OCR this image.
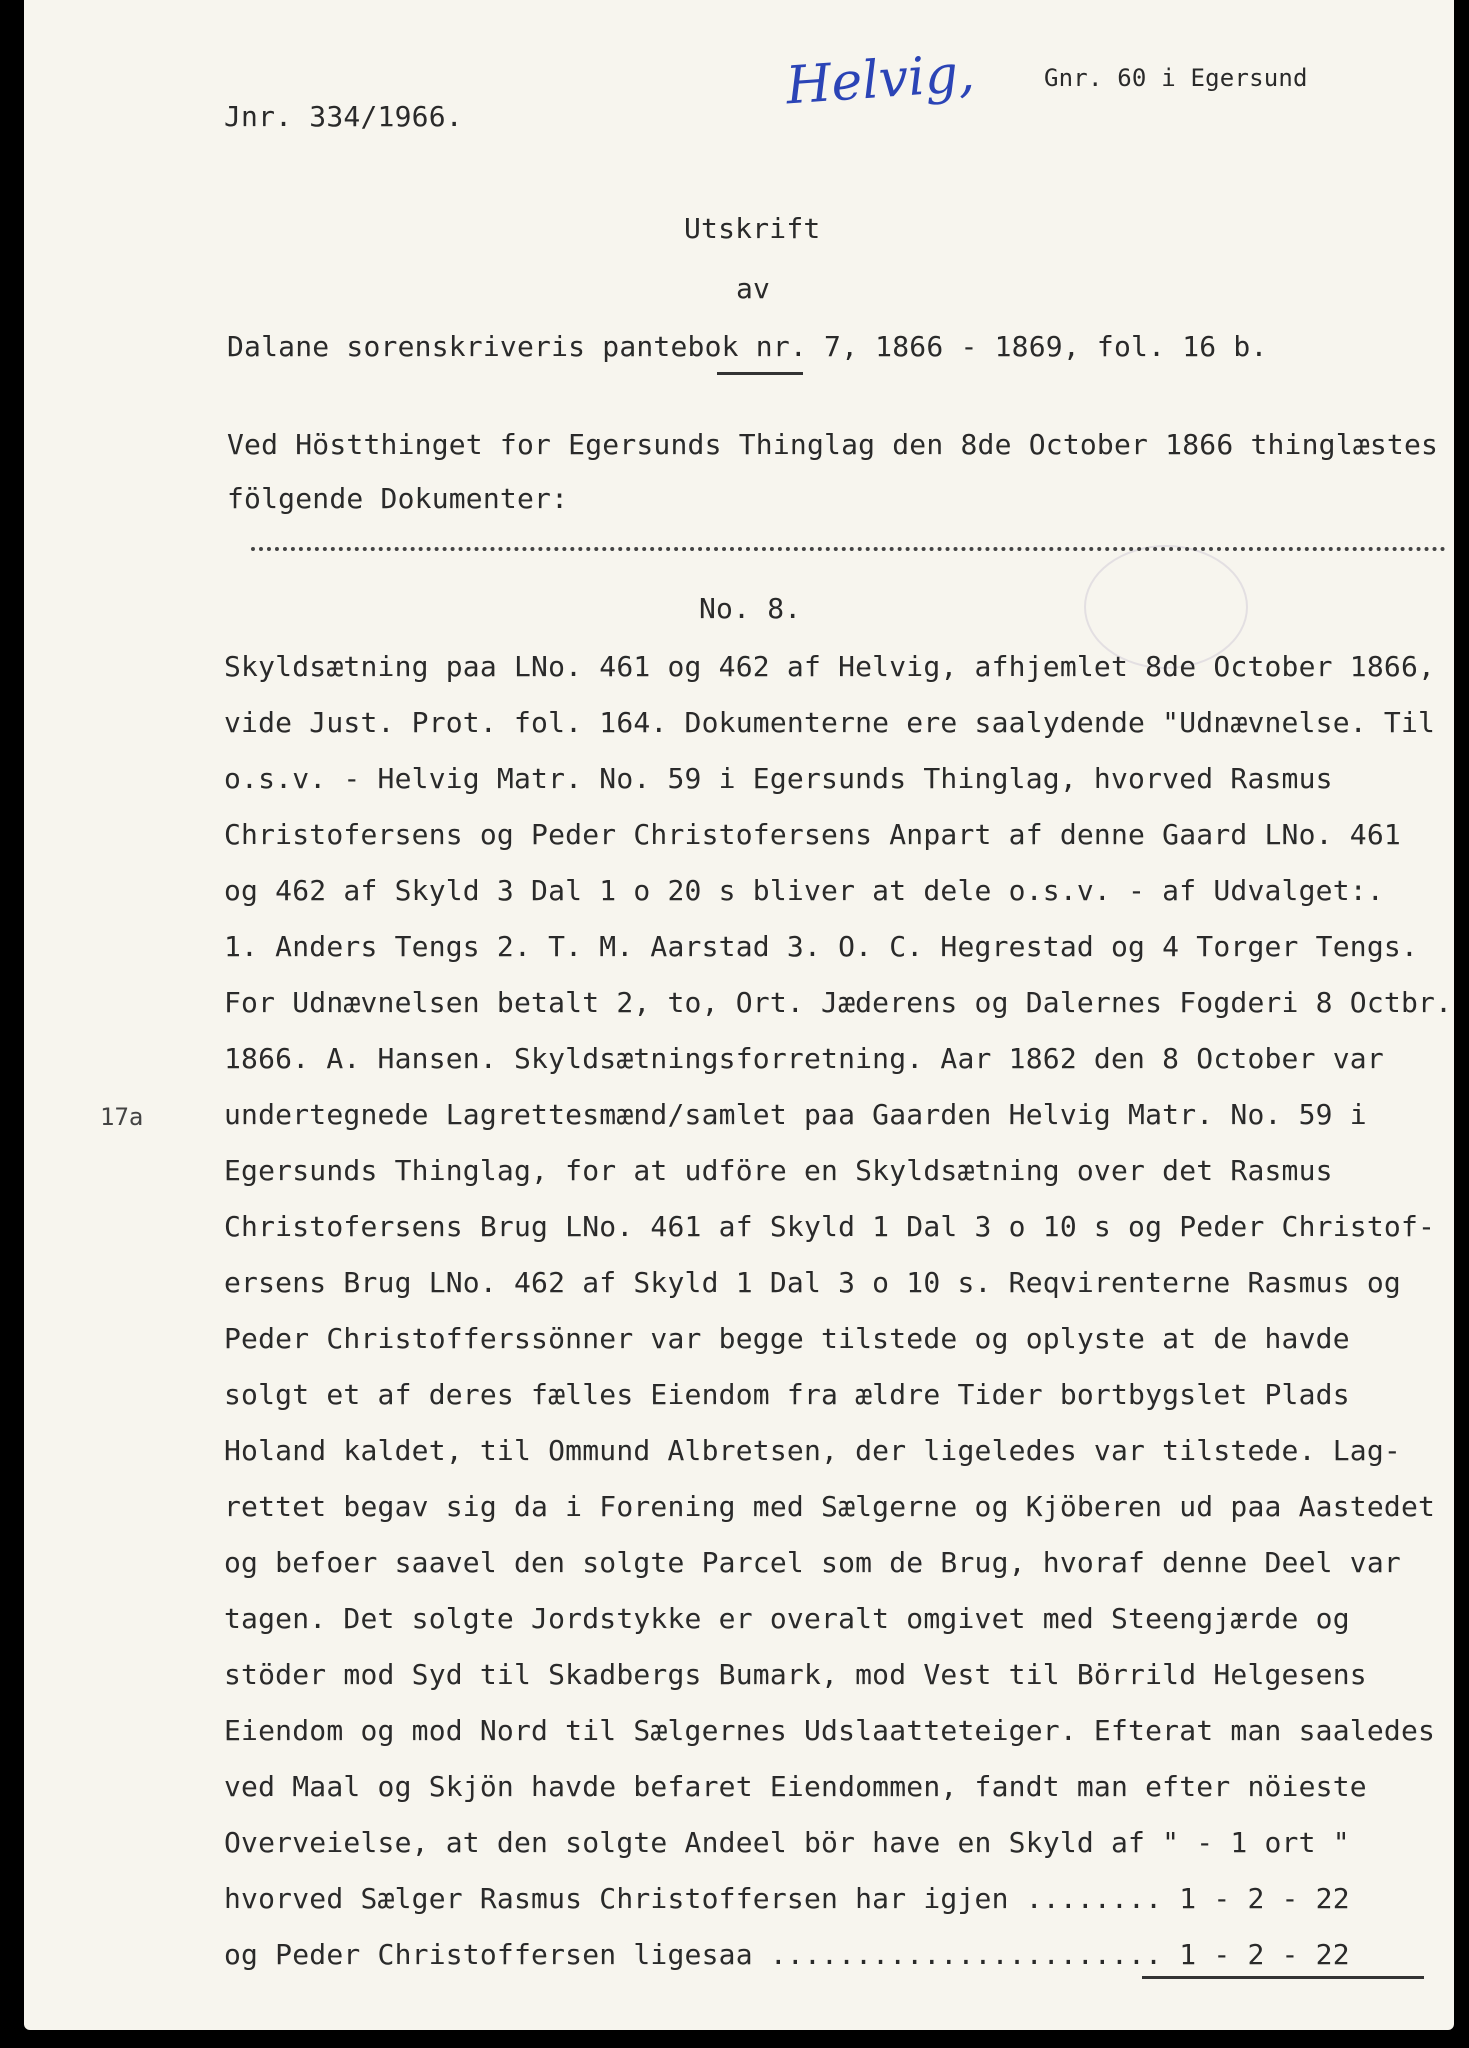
Jnr. 334/1966.	Helvig,	Gnr. 60 i Egersund
Utskrift
av
Dalane sorenskriveris pantebok nr. 7, 1866 - 1869, fol. 16 b.
Ved Höstthinget for Egersunds Thinglag den 8de October 1866 thinglæstes
fölgende Dokumenter:
No. 8.
17a
Skyldsætning paa LNo. 461 og 462 af Helvig, afhjemlet 8de October 1866,
vide Just. Prot. fol. 164. Dokumenterne ere saalydende "Udnævnelse. Til
o.s.v. - Helvig Matr. No. 59 i Egersunds Thinglag, hvorved Rasmus
Christofersens og Peder Christofersens Anpart af denne Gaard LNo. 461
og 462 af Skyld 3 Dal 1 o 20 s bliver at dele o.s.v. - af Udvalget:.
1. Anders Tengs 2. T. M. Aarstad 3. O. C. Hegrestad og 4 Torger Tengs.
For Udnævnelsen betalt 2, to, Ort. Jæderens og Dalernes Fogderi 8 Octbr.
1866. A. Hansen. Skyldsætningsforretning. Aar 1862 den 8 October var
undertegnede Lagrettesmænd/samlet paa Gaarden Helvig Matr. No. 59 i
Egersunds Thinglag, for at udföre en Skyldsætning over det Rasmus
Christofersens Brug LNo. 461 af Skyld 1 Dal 3 o 10 s og Peder Christof-
ersens Brug LNo. 462 af Skyld 1 Dal 3 o 10 s. Reqvirenterne Rasmus og
Peder Christofferssönner var begge tilstede og oplyste at de havde
solgt et af deres fælles Eiendom fra ældre Tider bortbygslet Plads
Holand kaldet, til Ommund Albretsen, der ligeledes var tilstede. Lag-
rettet begav sig da i Forening med Sælgerne og Kjöberen ud paa Aastedet
og befoer saavel den solgte Parcel som de Brug, hvoraf denne Deel var
tagen. Det solgte Jordstykke er overalt omgivet med Steengjærde og
stöder mod Syd til Skadbergs Bumark, mod Vest til Börrild Helgesens
Eiendom og mod Nord til Sælgernes Udslaatteteiger. Efterat man saaledes
ved Maal og Skjön havde befaret Eiendommen, fandt man efter nöieste
Overveielse, at den solgte Andeel bör have en Skyld af " - 1 ort "
hvorved Sælger Rasmus Christoffersen har igjen ........ 1 - 2 - 22
og Peder Christoffersen ligesaa ....................... 1 - 2 - 22
